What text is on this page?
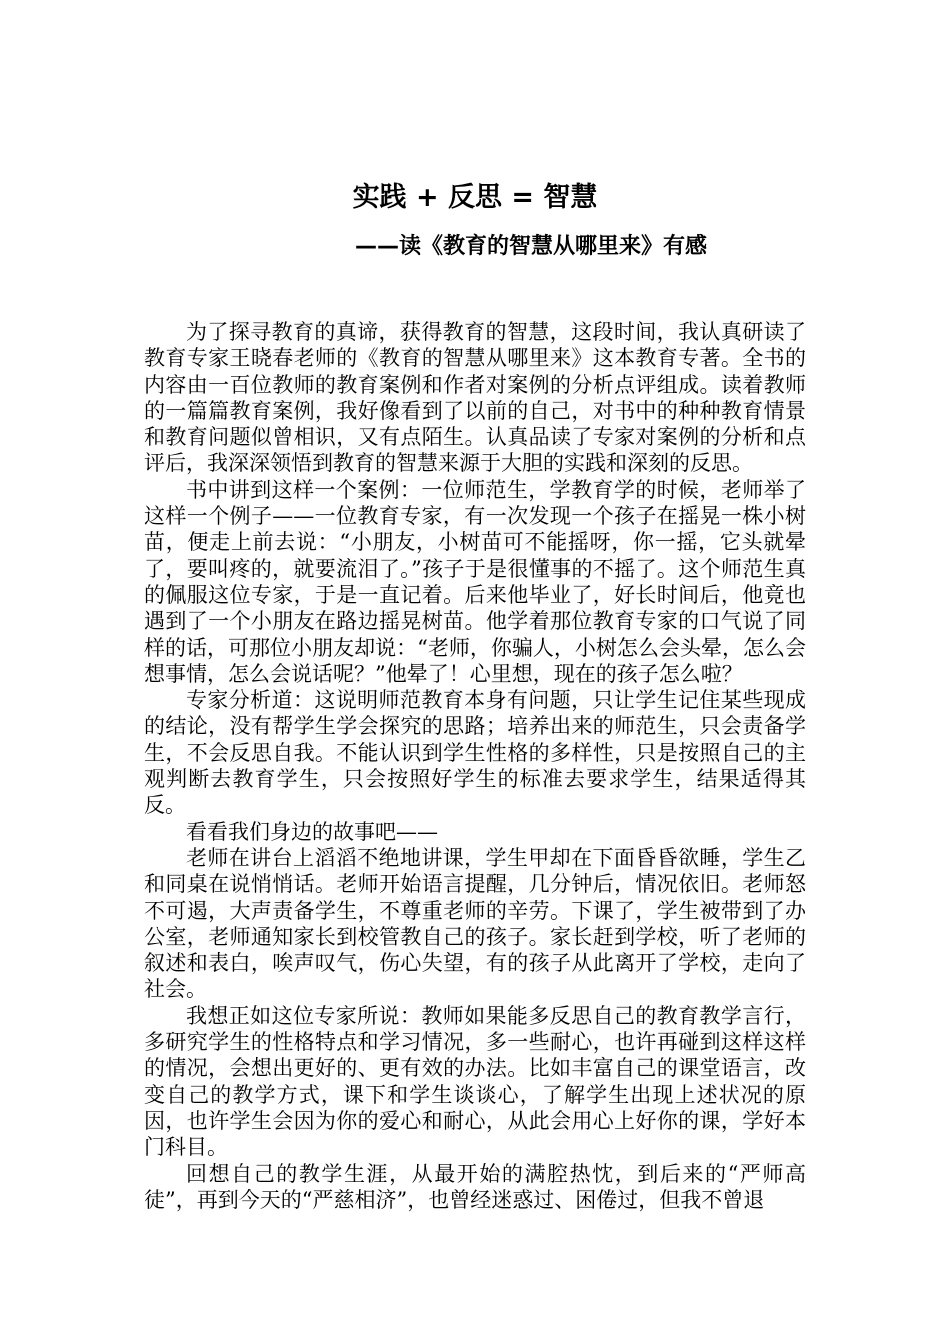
实践 + 反思 = 智慧
——读《教育的智慧从哪里来》有感

为了探寻教育的真谛，获得教育的智慧，这段时间，我认真研读了教育专家王晓春老师的《教育的智慧从哪里来》这本教育专著。全书的内容由一百位教师的教育案例和作者对案例的分析点评组成。读着教师的一篇篇教育案例，我好像看到了以前的自己，对书中的种种教育情景和教育问题似曾相识，又有点陌生。认真品读了专家对案例的分析和点评后，我深深领悟到教育的智慧来源于大胆的实践和深刻的反思。

书中讲到这样一个案例：一位师范生，学教育学的时候，老师举了这样一个例子——一位教育专家，有一次发现一个孩子在摇晃一株小树苗，便走上前去说：“小朋友，小树苗可不能摇呀，你一摇，它头就晕了，要叫疼的，就要流泪了。”孩子于是很懂事的不摇了。这个师范生真的佩服这位专家，于是一直记着。后来他毕业了，好长时间后，他竟也遇到了一个小朋友在路边摇晃树苗。他学着那位教育专家的口气说了同样的话，可那位小朋友却说：“老师，你骗人，小树怎么会头晕，怎么会想事情，怎么会说话呢？”他晕了！心里想，现在的孩子怎么啦？

专家分析道：这说明师范教育本身有问题，只让学生记住某些现成的结论，没有帮学生学会探究的思路；培养出来的师范生，只会责备学生，不会反思自我。不能认识到学生性格的多样性，只是按照自己的主观判断去教育学生，只会按照好学生的标准去要求学生，结果适得其反。

看看我们身边的故事吧——

老师在讲台上滔滔不绝地讲课，学生甲却在下面昏昏欲睡，学生乙和同桌在说悄悄话。老师开始语言提醒，几分钟后，情况依旧。老师怒不可遏，大声责备学生，不尊重老师的辛劳。下课了，学生被带到了办公室，老师通知家长到校管教自己的孩子。家长赶到学校，听了老师的叙述和表白，唉声叹气，伤心失望，有的孩子从此离开了学校，走向了社会。

我想正如这位专家所说：教师如果能多反思自己的教育教学言行，多研究学生的性格特点和学习情况，多一些耐心，也许再碰到这样这样的情况，会想出更好的、更有效的办法。比如丰富自己的课堂语言，改变自己的教学方式，课下和学生谈谈心，了解学生出现上述状况的原因，也许学生会因为你的爱心和耐心，从此会用心上好你的课，学好本门科目。

回想自己的教学生涯，从最开始的满腔热忱，到后来的“严师高徒”，再到今天的“严慈相济”，也曾经迷惑过、困倦过，但我不曾退
